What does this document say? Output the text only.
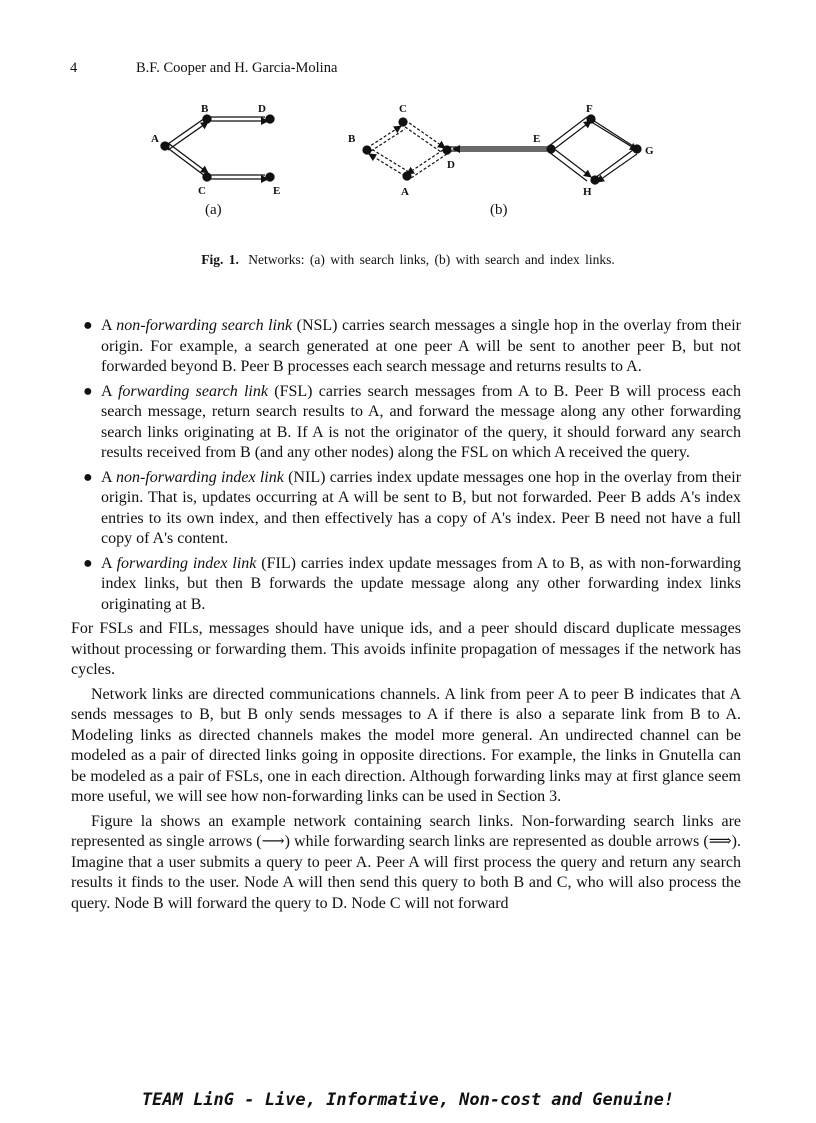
4	B.F. Cooper and H. Garcia-Molina
A
B
C
D
E
(a)
A
B
C
D
E
F
G
H
(b)
Fig. 1. Networks: (a) with search links, (b) with search and index links.
● A non-forwarding search link (NSL) carries search messages a single hop in the overlay from their origin. For example, a search generated at one peer A will be sent to another peer B, but not forwarded beyond B. Peer B processes each search message and returns results to A.
● A forwarding search link (FSL) carries search messages from A to B. Peer B will process each search message, return search results to A, and forward the message along any other forwarding search links originating at B. If A is not the originator of the query, it should forward any search results received from B (and any other nodes) along the FSL on which A received the query.
● A non-forwarding index link (NIL) carries index update messages one hop in the overlay from their origin. That is, updates occurring at A will be sent to B, but not forwarded. Peer B adds A's index entries to its own index, and then effectively has a copy of A's index. Peer B need not have a full copy of A's content.
● A forwarding index link (FIL) carries index update messages from A to B, as with non-forwarding index links, but then B forwards the update message along any other forwarding index links originating at B.

For FSLs and FILs, messages should have unique ids, and a peer should discard duplicate messages without processing or forwarding them. This avoids infinite propagation of messages if the network has cycles.

Network links are directed communications channels. A link from peer A to peer B indicates that A sends messages to B, but B only sends messages to A if there is also a separate link from B to A. Modeling links as directed channels makes the model more general. An undirected channel can be modeled as a pair of directed links going in opposite directions. For example, the links in Gnutella can be modeled as a pair of FSLs, one in each direction. Although forwarding links may at first glance seem more useful, we will see how non-forwarding links can be used in Section 3.

Figure la shows an example network containing search links. Non-forwarding search links are represented as single arrows (⟶) while forwarding search links are represented as double arrows (⟹). Imagine that a user submits a query to peer A. Peer A will first process the query and return any search results it finds to the user. Node A will then send this query to both B and C, who will also process the query. Node B will forward the query to D. Node C will not forward

TEAM LinG - Live, Informative, Non-cost and Genuine!
